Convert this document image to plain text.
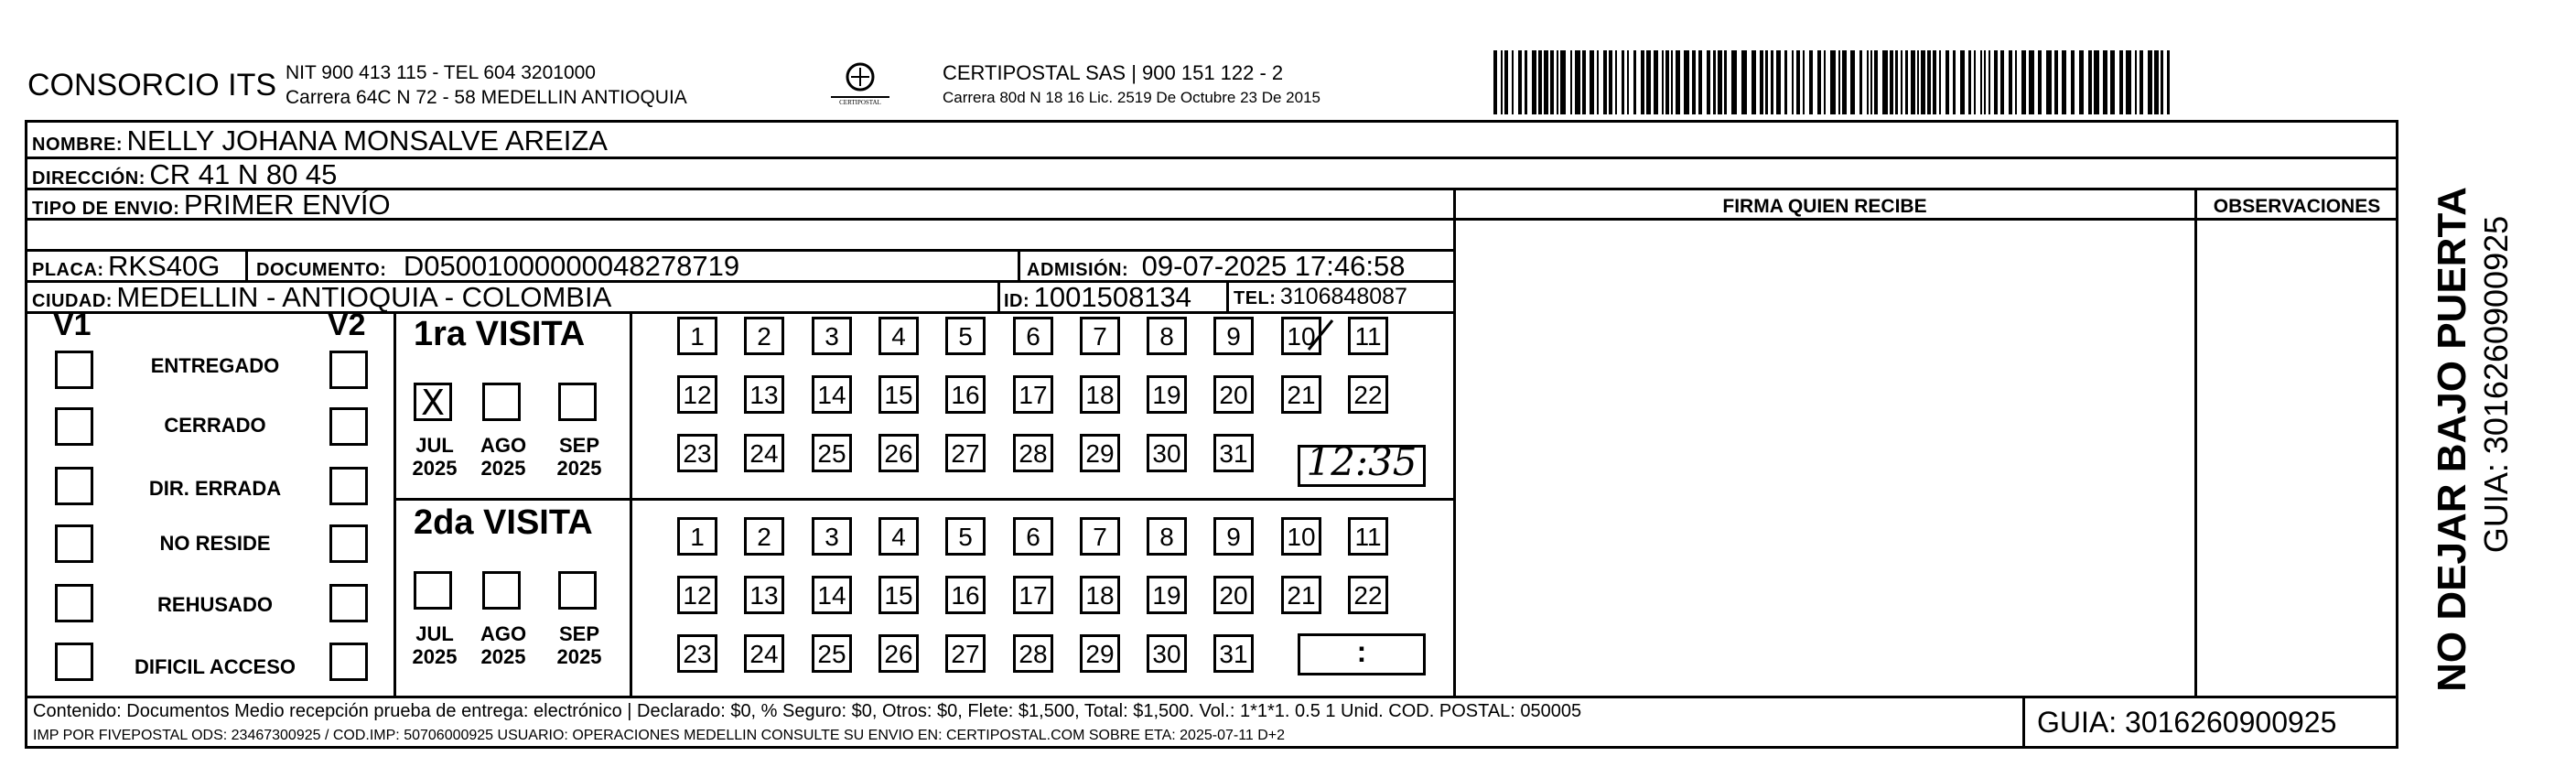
CONSORCIO ITS NIT 900 413 115 - TEL 604 3201000
Carrera 64C N 72 - 58 MEDELLIN ANTIOQUIA	CERTIPOSTAL
CERTIPOSTAL SAS | 900 151 122 - 2
Carrera 80d N 18 16 Lic. 2519 De Octubre 23 De 2015
NOMBRE: NELLY JOHANA MONSALVE AREIZA
DIRECCIÓN: CR 41 N 80 45
TIPO DE ENVIO: PRIMER ENVÍO	FIRMA QUIEN RECIBE	OBSERVACIONES
PLACA: RKS40G DOCUMENTO: D05001000000048278719	ADMISIÓN: 09-07-2025 17:46:58
CIUDAD: MEDELLIN - ANTIOQUIA - COLOMBIA	ID: 1001508134 TEL: 3106848087
V1	V2
ENTREGADO
CERRADO
DIR. ERRADA
NO RESIDE
REHUSADO
DIFICIL ACCESO
1ra VISITA
X
JUL
2025
AGO
2025
SEP
2025
1	2	3	4	5	6	7	8	9	10 11
12 13 14 15 16 17 18 19 20 21 22
23 24 25 26 27 28 29 30 31 12:35
2da VISITA
JUL
2025
AGO
2025
SEP
2025
1	2	3	4	5	6	7	8	9	10 11
12 13 14 15 16 17 18 19 20 21 22
23 24 25 26 27 28 29 30 31	:
Contenido: Documentos Medio recepción prueba de entrega: electrónico | Declarado: $0, % Seguro: $0, Otros: $0, Flete: $1,500, Total: $1,500. Vol.: 1*1*1. 0.5 1 Unid. COD. POSTAL: 050005
IMP POR FIVEPOSTAL ODS: 23467300925 / COD.IMP: 50706000925 USUARIO: OPERACIONES MEDELLIN CONSULTE SU ENVIO EN: CERTIPOSTAL.COM SOBRE ETA: 2025-07-11 D+2	GUIA: 3016260900925
NO DEJAR BAJO PUERTA GUIA: 3016260900925
